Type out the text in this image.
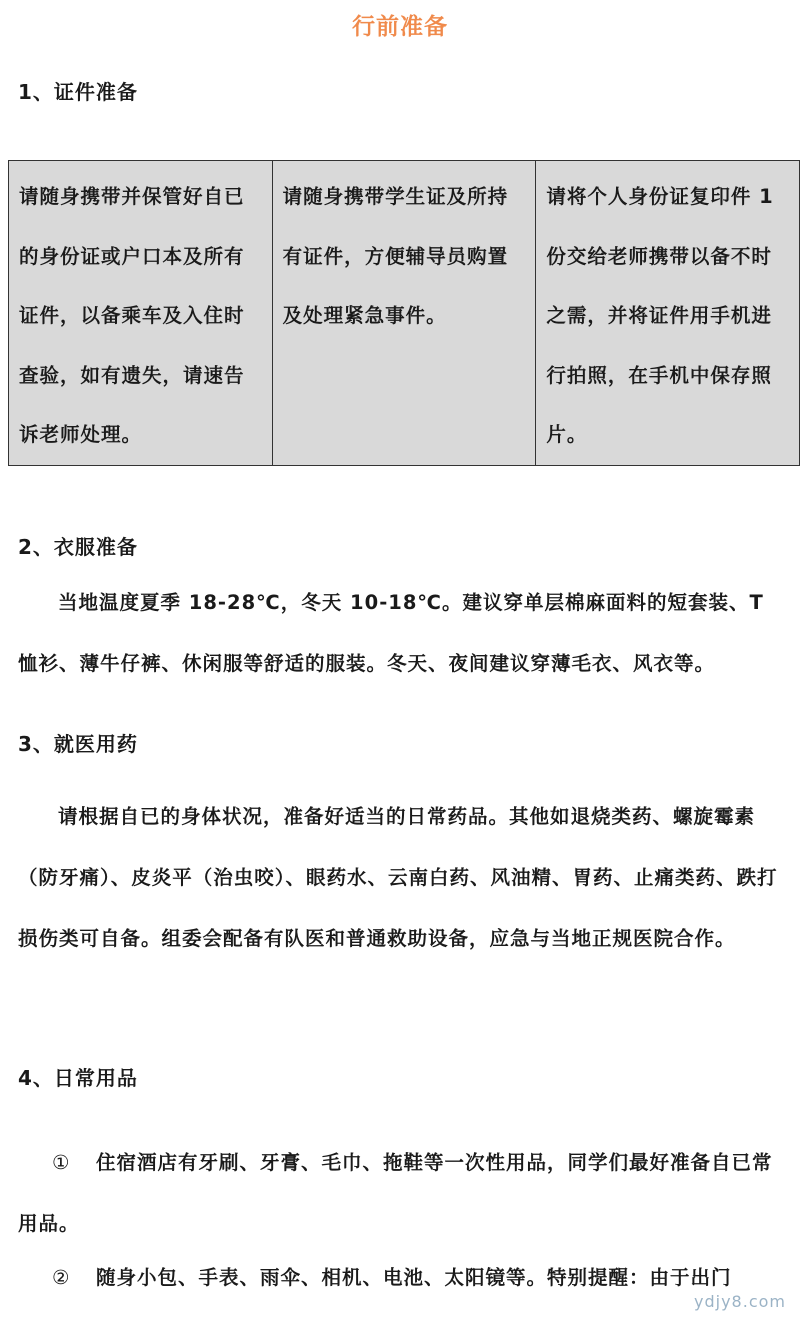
行前准备
1、证件准备
请随身携带并保管好自已的身份证或户口本及所有证件，以备乘车及入住时查验，如有遗失，请速告诉老师处理。	请随身携带学生证及所持有证件，方便辅导员购置及处理紧急事件。	请将个人身份证复印件 1 份交给老师携带以备不时之需，并将证件用手机进行拍照，在手机中保存照片。
2、衣服准备

当地温度夏季 18-28℃，冬天 10-18℃。建议穿单层棉麻面料的短套装、T 恤衫、薄牛仔裤、休闲服等舒适的服装。冬天、夜间建议穿薄毛衣、风衣等。

3、就医用药

请根据自已的身体状况，准备好适当的日常药品。其他如退烧类药、螺旋霉素（防牙痛）、皮炎平（治虫咬）、眼药水、云南白药、风油精、胃药、止痛类药、跌打损伤类可自备。组委会配备有队医和普通救助设备，应急与当地正规医院合作。

4、日常用品

① 住宿酒店有牙刷、牙膏、毛巾、拖鞋等一次性用品，同学们最好准备自已常用品。

② 随身小包、手表、雨伞、相机、电池、太阳镜等。特别提醒：由于出门

ydjy8.com
